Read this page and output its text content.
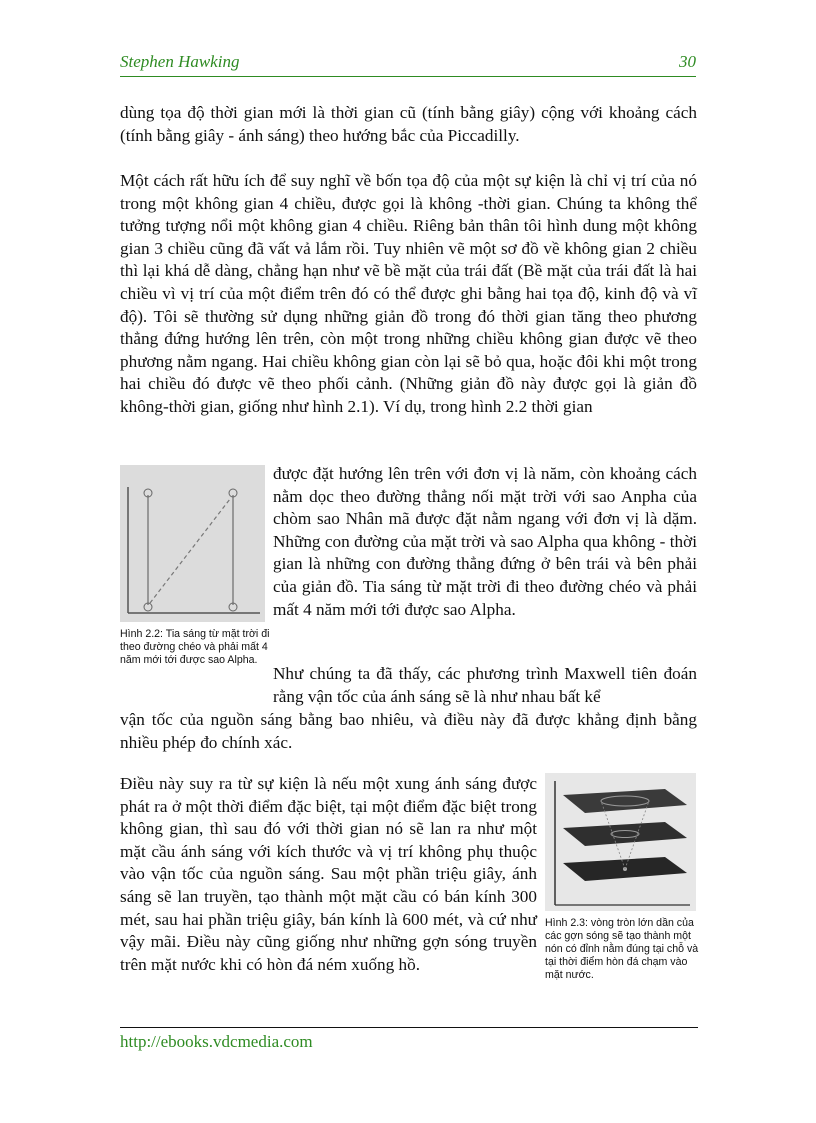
Stephen Hawking	30

dùng tọa độ thời gian mới là thời gian cũ (tính bằng giây) cộng với khoảng cách (tính bằng giây - ánh sáng) theo hướng bắc của Piccadilly.

Một cách rất hữu ích để suy nghĩ về bốn tọa độ của một sự kiện là chỉ vị trí của nó trong một không gian 4 chiều, được gọi là không -thời gian. Chúng ta không thể tưởng tượng nổi một không gian 4 chiều. Riêng bản thân tôi hình dung một không gian 3 chiều cũng đã vất vả lắm rồi. Tuy nhiên vẽ một sơ đồ về không gian 2 chiều thì lại khá dễ dàng, chẳng hạn như vẽ bề mặt của trái đất (Bề mặt của trái đất là hai chiều vì vị trí của một điểm trên đó có thể được ghi bằng hai tọa độ, kinh độ và vĩ độ). Tôi sẽ thường sử dụng những giản đồ trong đó thời gian tăng theo phương thẳng đứng hướng lên trên, còn một trong những chiều không gian được vẽ theo phương nằm ngang. Hai chiều không gian còn lại sẽ bỏ qua, hoặc đôi khi một trong hai chiều đó được vẽ theo phối cảnh. (Những giản đồ này được gọi là giản đồ không-thời gian, giống như hình 2.1). Ví dụ, trong hình 2.2 thời gian

Hình 2.2: Tia sáng từ mặt trời đi theo đường chéo và phải mất 4 năm mới tới được sao Alpha.

được đặt hướng lên trên với đơn vị là năm, còn khoảng cách nằm dọc theo đường thẳng nối mặt trời với sao Anpha của chòm sao Nhân mã được đặt nằm ngang với đơn vị là dặm. Những con đường của mặt trời và sao Alpha qua không - thời gian là những con đường thẳng đứng ở bên trái và bên phải của giản đồ. Tia sáng từ mặt trời đi theo đường chéo và phải mất 4 năm mới tới được sao Alpha.

Như chúng ta đã thấy, các phương trình Maxwell tiên đoán rằng vận tốc của ánh sáng sẽ là như nhau bất kể

vận tốc của nguồn sáng bằng bao nhiêu, và điều này đã được khẳng định bằng nhiều phép đo chính xác.

Điều này suy ra từ sự kiện là nếu một xung ánh sáng được phát ra ở một thời điểm đặc biệt, tại một điểm đặc biệt trong không gian, thì sau đó với thời gian nó sẽ lan ra như một mặt cầu ánh sáng với kích thước và vị trí không phụ thuộc vào vận tốc của nguồn sáng. Sau một phần triệu giây, ánh sáng sẽ lan truyền, tạo thành một mặt cầu có bán kính 300 mét, sau hai phần triệu giây, bán kính là 600 mét, và cứ như vậy mãi. Điều này cũng giống như những gợn sóng truyền trên mặt nước khi có hòn đá ném xuống hồ.

Hình 2.3: vòng tròn lớn dần của các gợn sóng sẽ tạo thành một nón có đỉnh nằm đúng tại chỗ và tại thời điểm hòn đá chạm vào mặt nước.
http://ebooks.vdcmedia.com
